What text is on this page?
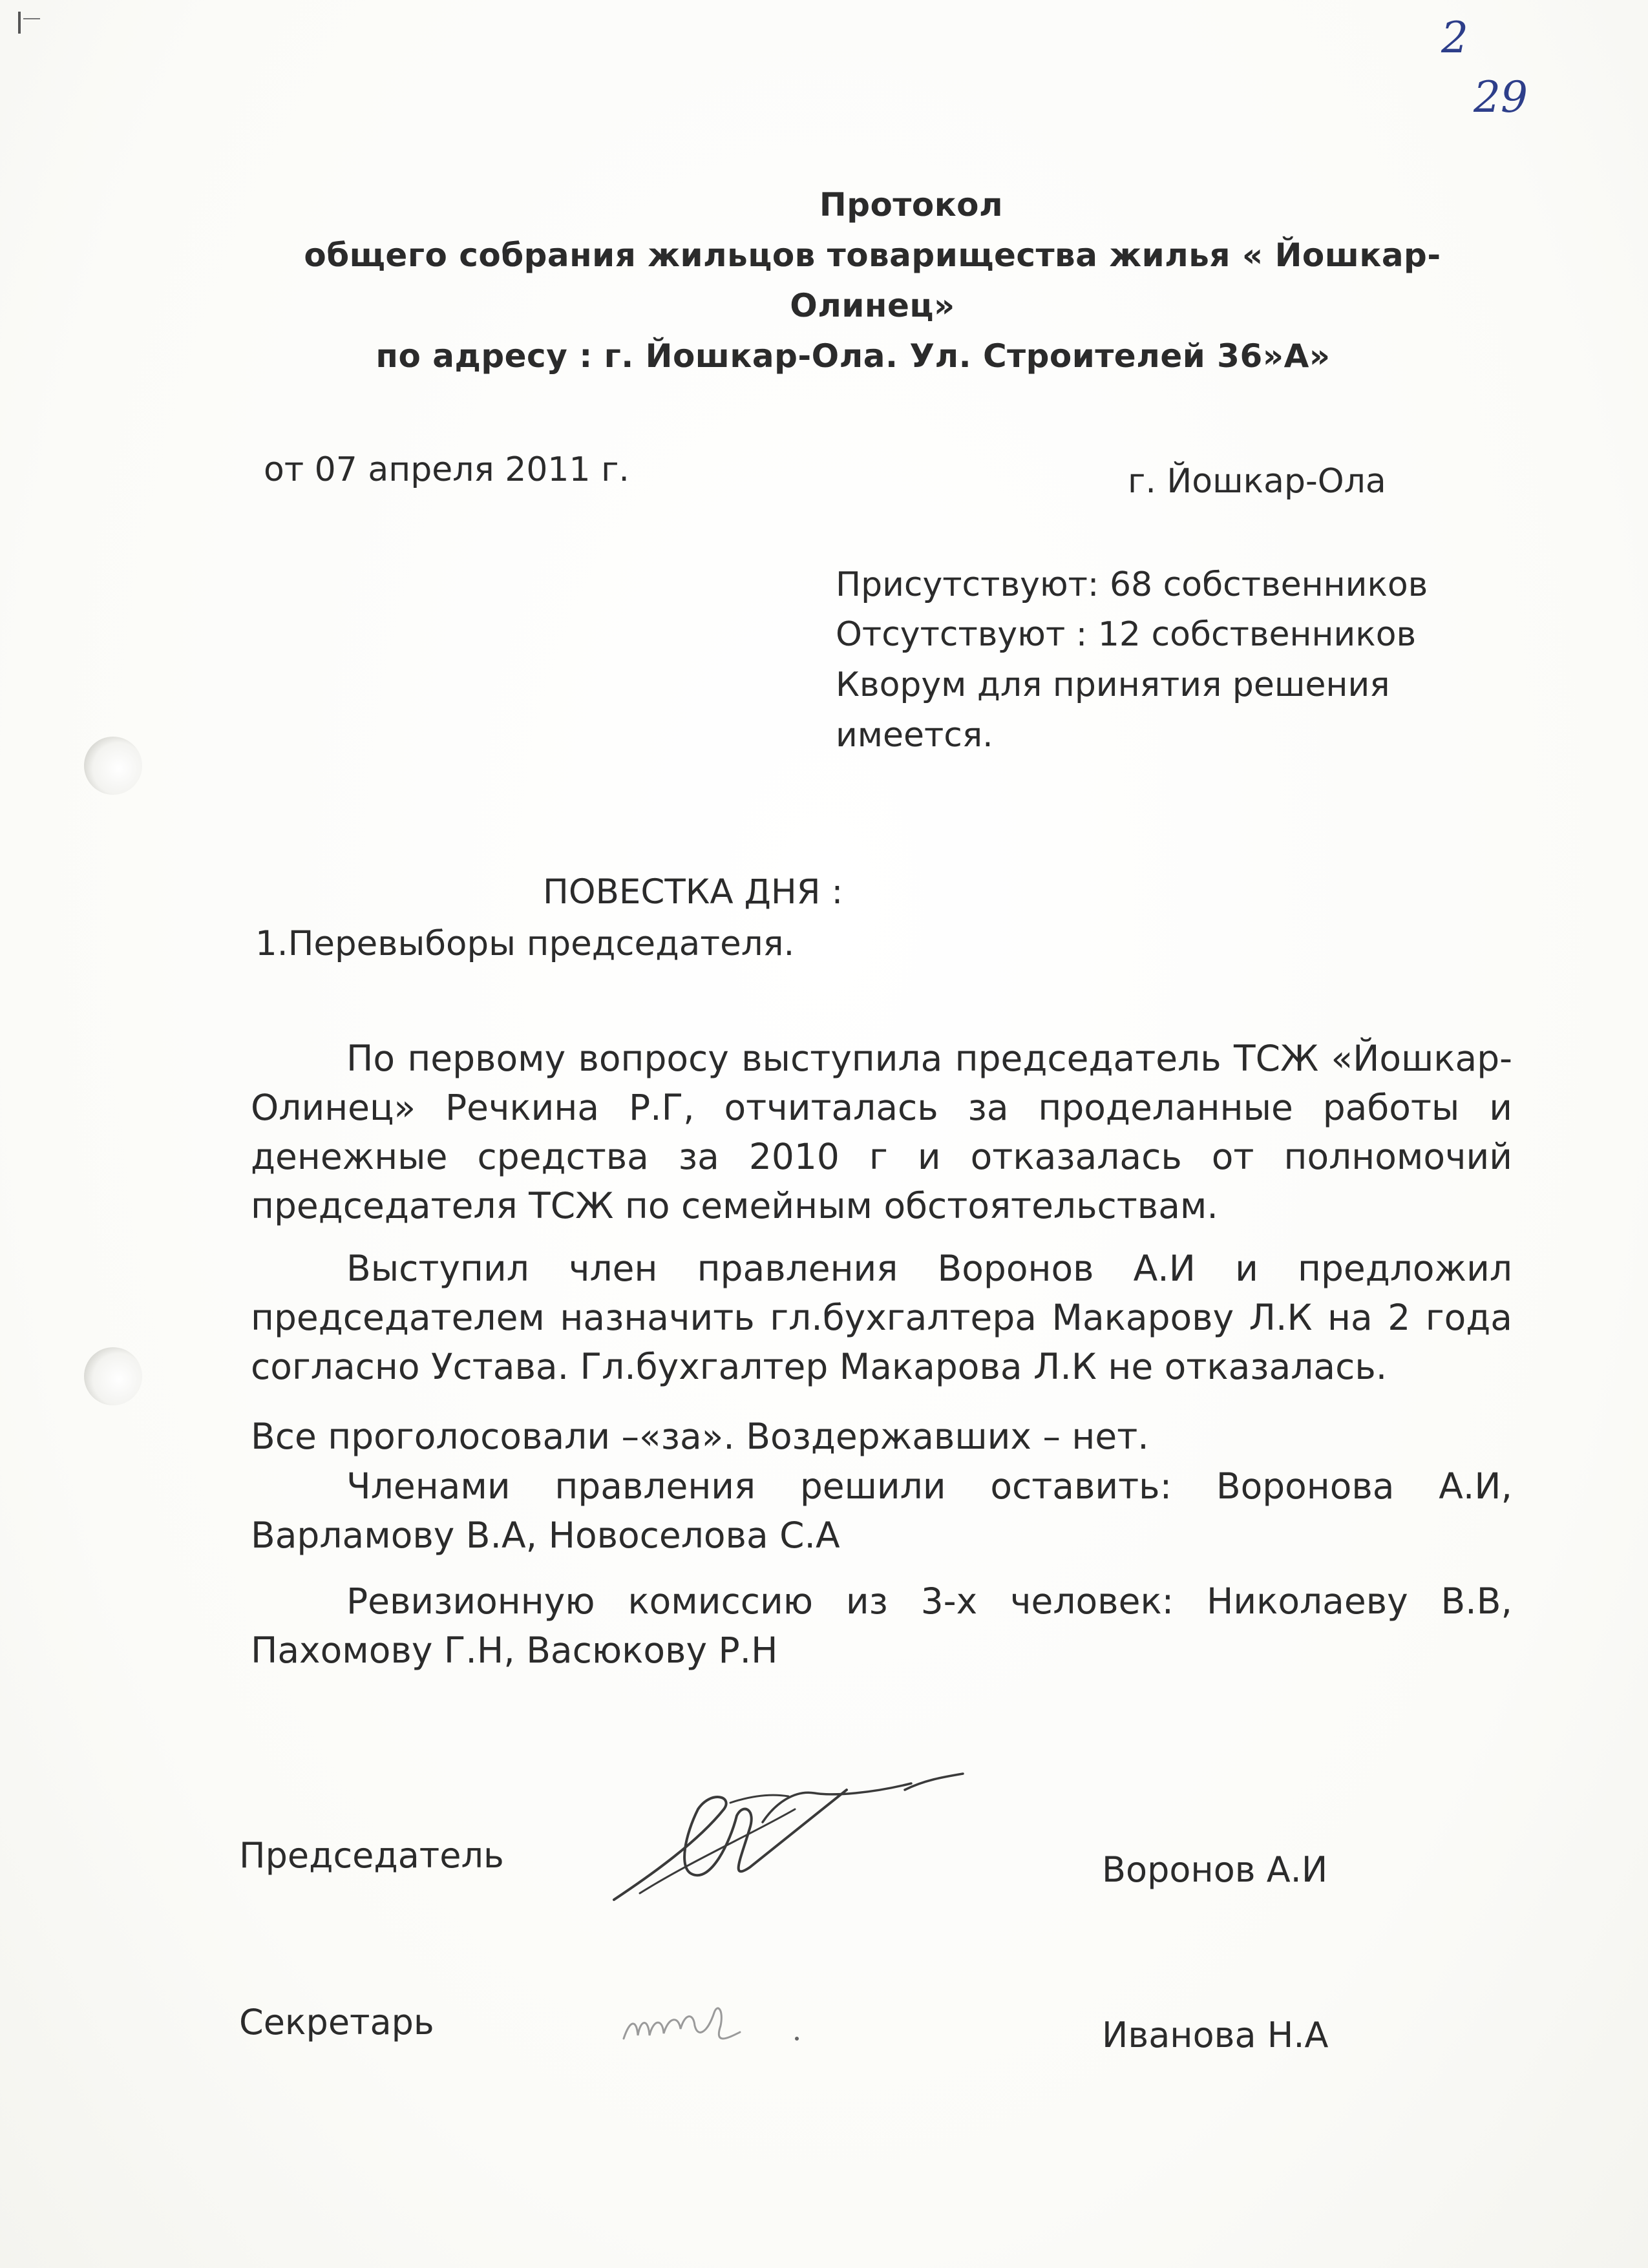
2
29
Протокол
общего собрания жильцов товарищества жилья « Йошкар-
Олинец»
по адресу : г. Йошкар-Ола. Ул. Строителей 36»А»
от 07 апреля 2011 г.	г. Йошкар-Ола
Присутствуют: 68 собственников
Отсутствуют : 12 собственников
Кворум для принятия решения
имеется.
ПОВЕСТКА ДНЯ :
1.Перевыборы председателя.
По первому вопросу выступила председатель ТСЖ «Йошкар- Олинец» Речкина Р.Г, отчиталась за проделанные работы и денежные средства за 2010 г и отказалась от полномочий председателя ТСЖ по семейным обстоятельствам.
Выступил член правления Воронов А.И и предложил председателем назначить гл.бухгалтера Макарову Л.К на 2 года согласно Устава. Гл.бухгалтер Макарова Л.К не отказалась.
Все проголосовали –«за». Воздержавших – нет.
Членами правления решили оставить: Воронова А.И, Варламову В.А, Новоселова С.А
Ревизионную комиссию из 3-х человек: Николаеву В.В, Пахомову Г.Н, Васюкову Р.Н
Председатель	Воронов А.И
Секретарь	Иванова Н.А
